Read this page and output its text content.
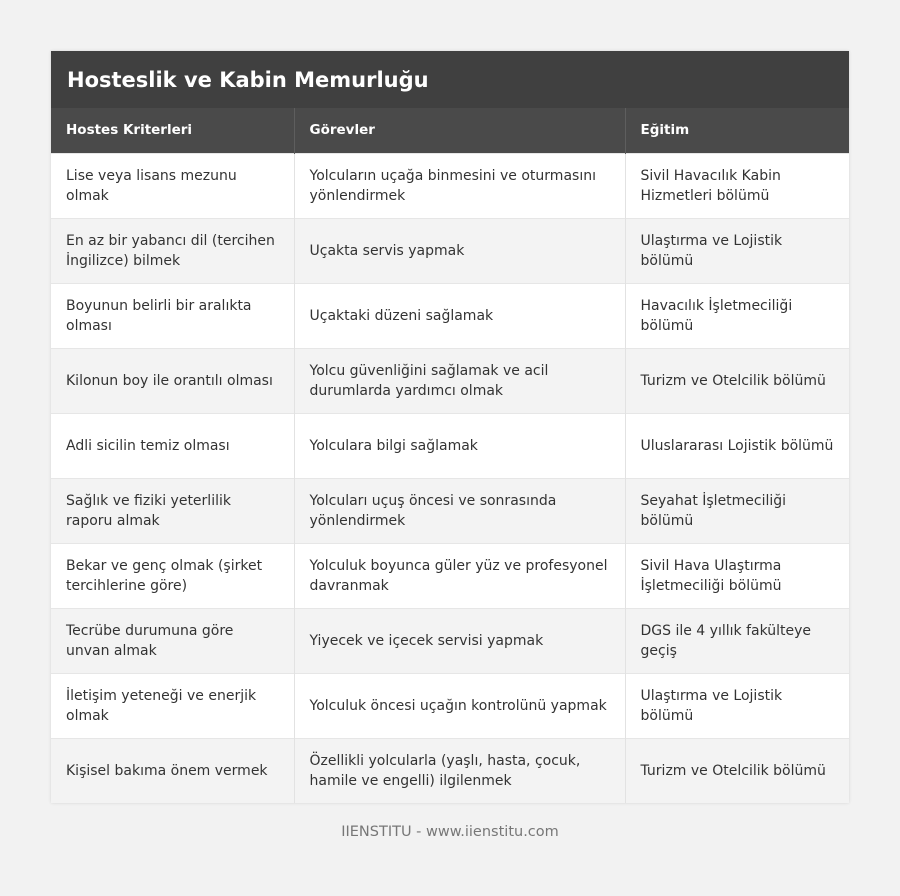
Hosteslik ve Kabin Memurluğu
Hostes Kriterleri	Görevler	Eğitim
Lise veya lisans mezunu olmak	Yolcuların uçağa binmesini ve oturmasını yönlendirmek	Sivil Havacılık Kabin Hizmetleri bölümü
En az bir yabancı dil (tercihen İngilizce) bilmek	Uçakta servis yapmak	Ulaştırma ve Lojistik bölümü
Boyunun belirli bir aralıkta olması	Uçaktaki düzeni sağlamak	Havacılık İşletmeciliği bölümü
Kilonun boy ile orantılı olması	Yolcu güvenliğini sağlamak ve acil durumlarda yardımcı olmak	Turizm ve Otelcilik bölümü
Adli sicilin temiz olması	Yolculara bilgi sağlamak	Uluslararası Lojistik bölümü
Sağlık ve fiziki yeterlilik raporu almak	Yolcuları uçuş öncesi ve sonrasında yönlendirmek	Seyahat İşletmeciliği bölümü
Bekar ve genç olmak (şirket tercihlerine göre)	Yolculuk boyunca güler yüz ve profesyonel davranmak	Sivil Hava Ulaştırma İşletmeciliği bölümü
Tecrübe durumuna göre unvan almak	Yiyecek ve içecek servisi yapmak	DGS ile 4 yıllık fakülteye geçiş
İletişim yeteneği ve enerjik olmak	Yolculuk öncesi uçağın kontrolünü yapmak	Ulaştırma ve Lojistik bölümü
Kişisel bakıma önem vermek	Özellikli yolcularla (yaşlı, hasta, çocuk, hamile ve engelli) ilgilenmek	Turizm ve Otelcilik bölümü
IIENSTITU - www.iienstitu.com
